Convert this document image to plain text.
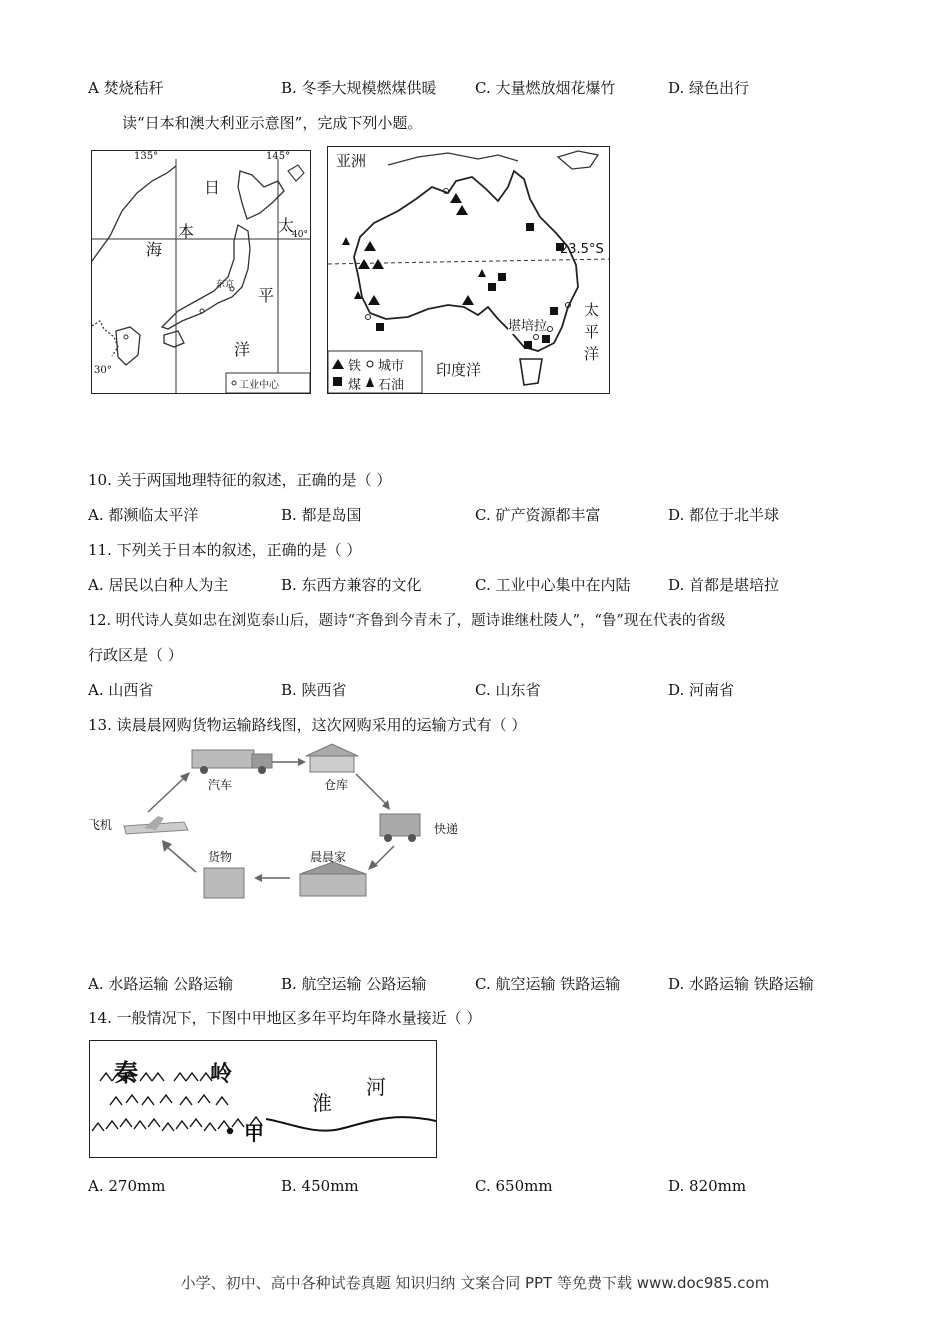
A 焚烧秸秆	B. 冬季大规模燃煤供暖	C. 大量燃放烟花爆竹	D. 绿色出行
读“日本和澳大利亚示意图”，完成下列小题。
135°	145°
40°
30°
日
本
海
太
平
洋
东京
工业中心
亚洲
23.5°S
堪培拉
印度洋
太
平
洋
铁 城市
煤 石油
10. 关于两国地理特征的叙述，正确的是（ ）
A. 都濒临太平洋	B. 都是岛国	C. 矿产资源都丰富	D. 都位于北半球
11. 下列关于日本的叙述，正确的是（ ）
A. 居民以白种人为主	B. 东西方兼容的文化	C. 工业中心集中在内陆	D. 首都是堪培拉
12. 明代诗人莫如忠在浏览泰山后，题诗“齐鲁到今青未了，题诗谁继杜陵人”，“鲁”现在代表的省级
行政区是（ ）
A. 山西省	B. 陕西省	C. 山东省	D. 河南省
13. 读晨晨网购货物运输路线图，这次网购采用的运输方式有（ ）
汽车	仓库
飞机	快递
货物	晨晨家
A. 水路运输 公路运输	B. 航空运输 公路运输	C. 航空运输 铁路运输	D. 水路运输 铁路运输
14. 一般情况下，下图中甲地区多年平均年降水量接近（ ）
秦	岭
淮
河
甲
A. 270mm	B. 450mm	C. 650mm	D. 820mm
小学、初中、高中各种试卷真题 知识归纳 文案合同 PPT 等免费下载 www.doc985.com
